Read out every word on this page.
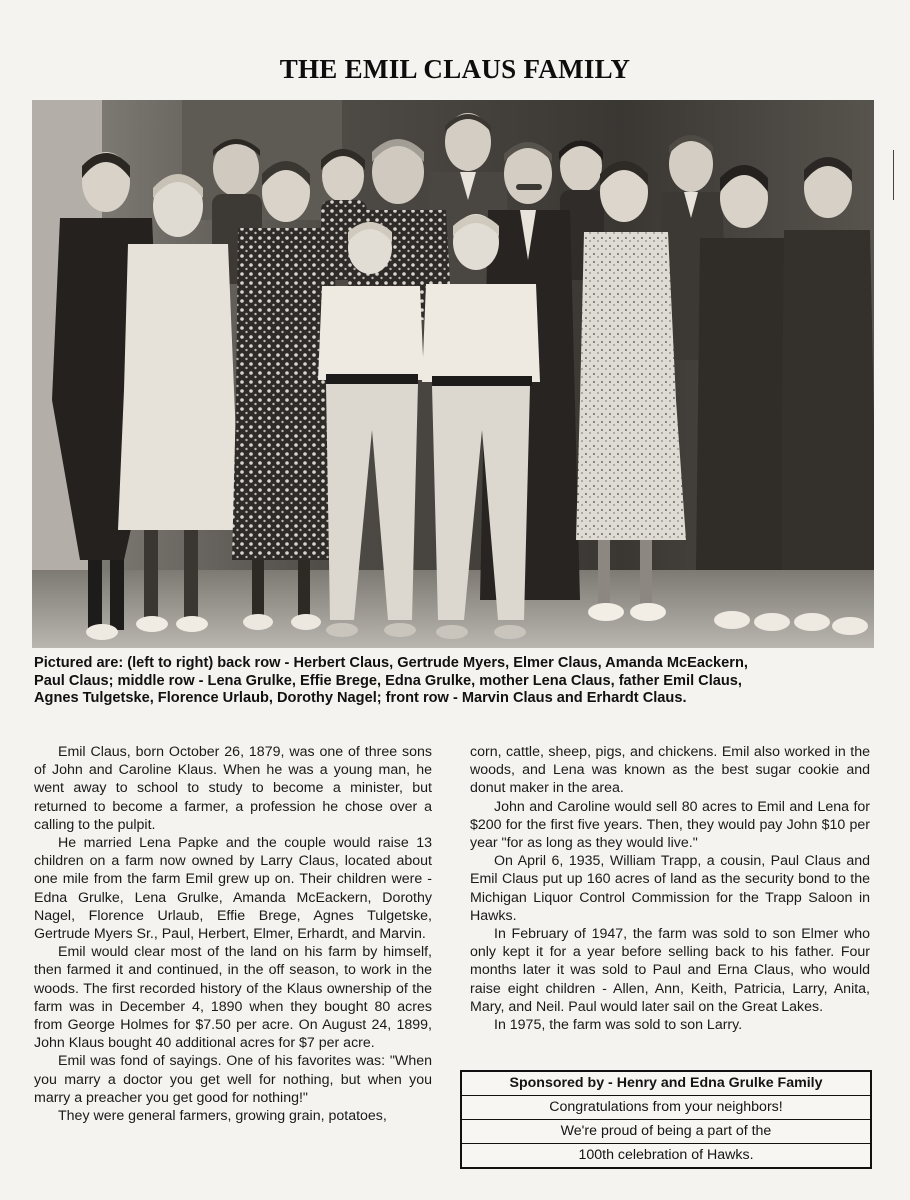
THE EMIL CLAUS FAMILY
Pictured are: (left to right) back row - Herbert Claus, Gertrude Myers, Elmer Claus, Amanda McEackern, Paul Claus; middle row - Lena Grulke, Effie Brege, Edna Grulke, mother Lena Claus, father Emil Claus, Agnes Tulgetske, Florence Urlaub, Dorothy Nagel; front row - Marvin Claus and Erhardt Claus.

Emil Claus, born October 26, 1879, was one of three sons of John and Caroline Klaus. When he was a young man, he went away to school to study to become a minister, but returned to become a farmer, a profession he chose over a calling to the pulpit.

He married Lena Papke and the couple would raise 13 children on a farm now owned by Larry Claus, located about one mile from the farm Emil grew up on. Their children were - Edna Grulke, Lena Grulke, Amanda McEackern, Dorothy Nagel, Florence Urlaub, Effie Brege, Agnes Tulgetske, Gertrude Myers Sr., Paul, Herbert, Elmer, Erhardt, and Marvin.

Emil would clear most of the land on his farm by himself, then farmed it and continued, in the off season, to work in the woods. The first recorded history of the Klaus ownership of the farm was in December 4, 1890 when they bought 80 acres from George Holmes for $7.50 per acre. On August 24, 1899, John Klaus bought 40 additional acres for $7 per acre.

Emil was fond of sayings. One of his favorites was: "When you marry a doctor you get well for nothing, but when you marry a preacher you get good for nothing!"

They were general farmers, growing grain, potatoes,

corn, cattle, sheep, pigs, and chickens. Emil also worked in the woods, and Lena was known as the best sugar cookie and donut maker in the area.

John and Caroline would sell 80 acres to Emil and Lena for $200 for the first five years. Then, they would pay John $10 per year "for as long as they would live."

On April 6, 1935, William Trapp, a cousin, Paul Claus and Emil Claus put up 160 acres of land as the security bond to the Michigan Liquor Control Commission for the Trapp Saloon in Hawks.

In February of 1947, the farm was sold to son Elmer who only kept it for a year before selling back to his father. Four months later it was sold to Paul and Erna Claus, who would raise eight children - Allen, Ann, Keith, Patricia, Larry, Anita, Mary, and Neil. Paul would later sail on the Great Lakes.

In 1975, the farm was sold to son Larry.

Sponsored by - Henry and Edna Grulke Family
Congratulations from your neighbors!
We're proud of being a part of the
100th celebration of Hawks.
